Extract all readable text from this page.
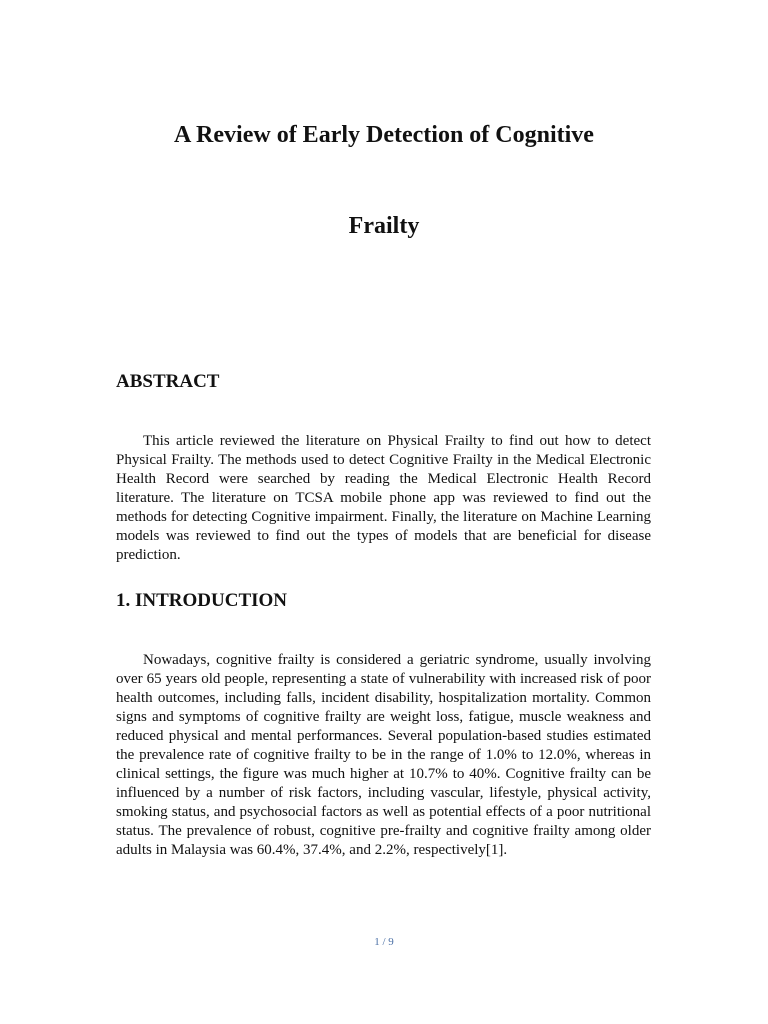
A Review of Early Detection of Cognitive
Frailty
ABSTRACT

This article reviewed the literature on Physical Frailty to find out how to detect Physical Frailty. The methods used to detect Cognitive Frailty in the Medical Electronic Health Record were searched by reading the Medical Electronic Health Record literature. The literature on TCSA mobile phone app was reviewed to find out the methods for detecting Cognitive impairment. Finally, the literature on Machine Learning models was reviewed to find out the types of models that are beneficial for disease prediction.

1. INTRODUCTION

Nowadays, cognitive frailty is considered a geriatric syndrome, usually involving over 65 years old people, representing a state of vulnerability with increased risk of poor health outcomes, including falls, incident disability, hospitalization mortality. Common signs and symptoms of cognitive frailty are weight loss, fatigue, muscle weakness and reduced physical and mental performances. Several population-based studies estimated the prevalence rate of cognitive frailty to be in the range of 1.0% to 12.0%, whereas in clinical settings, the figure was much higher at 10.7% to 40%. Cognitive frailty can be influenced by a number of risk factors, including vascular, lifestyle, physical activity, smoking status, and psychosocial factors as well as potential effects of a poor nutritional status. The prevalence of robust, cognitive pre-frailty and cognitive frailty among older adults in Malaysia was 60.4%, 37.4%, and 2.2%, respectively[1].

1 / 9
